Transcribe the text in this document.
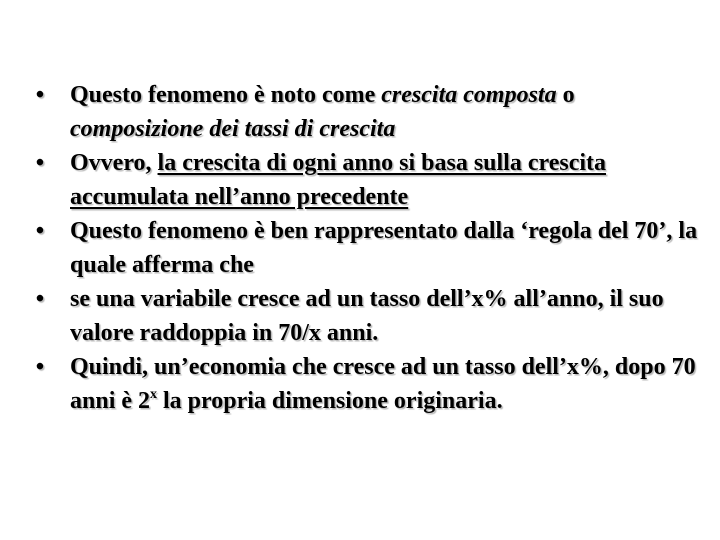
• Questo fenomeno è noto come crescita composta o composizione dei tassi di crescita
• Ovvero, la crescita di ogni anno si basa sulla crescita accumulata nell’anno precedente
• Questo fenomeno è ben rappresentato dalla ‘regola del 70’, la quale afferma che
• se una variabile cresce ad un tasso dell’x% all’anno, il suo valore raddoppia in 70/x anni.
• Quindi, un’economia che cresce ad un tasso dell’x%, dopo 70 anni è 2$^x$ la propria dimensione originaria.
